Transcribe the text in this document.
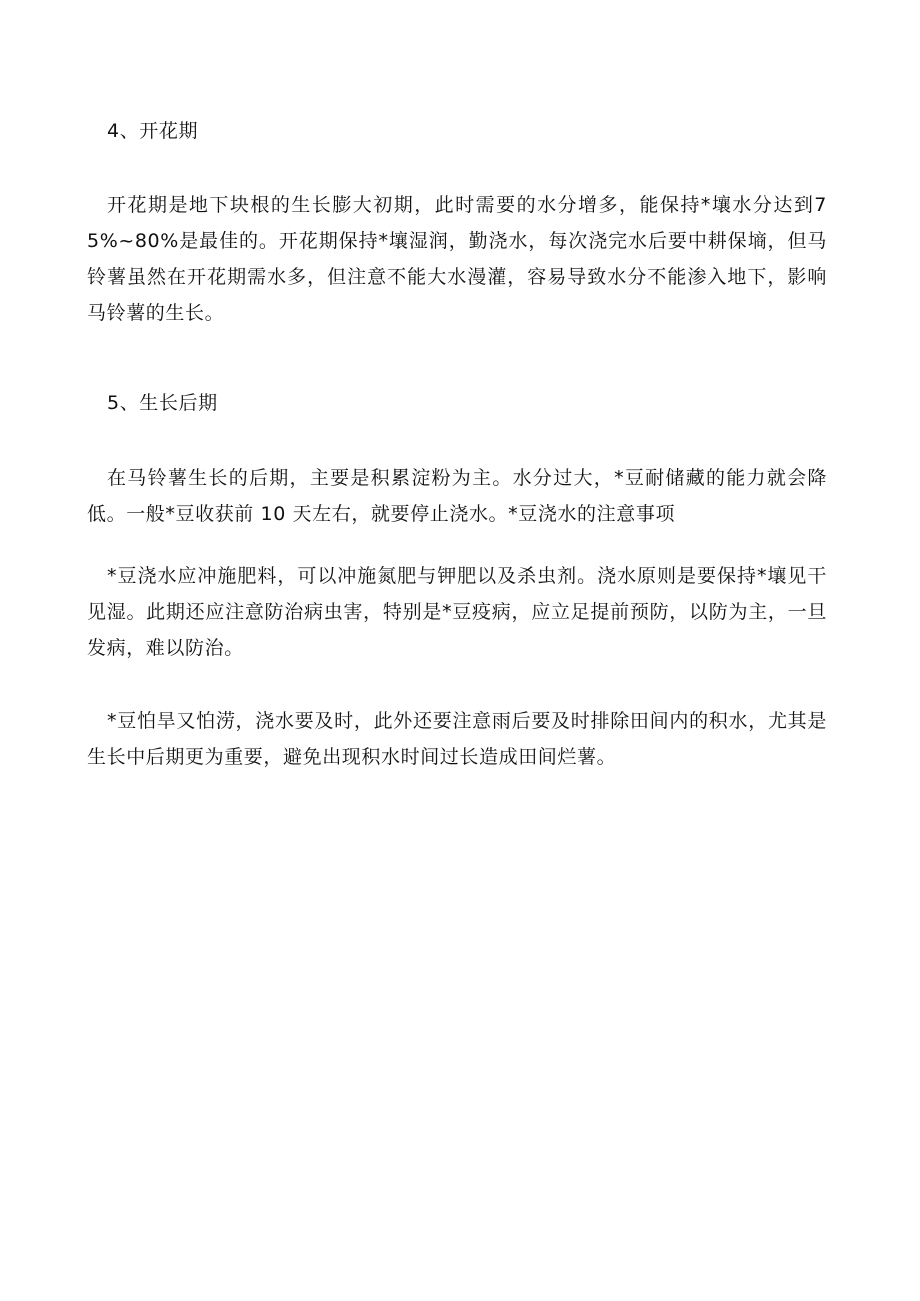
4、开花期

开花期是地下块根的生长膨大初期，此时需要的水分增多，能保持*壤水分达到75%~80%是最佳的。开花期保持*壤湿润，勤浇水，每次浇完水后要中耕保墒，但马铃薯虽然在开花期需水多，但注意不能大水漫灌，容易导致水分不能渗入地下，影响马铃薯的生长。

5、生长后期

在马铃薯生长的后期，主要是积累淀粉为主。水分过大，*豆耐储藏的能力就会降低。一般*豆收获前 10 天左右，就要停止浇水。*豆浇水的注意事项

*豆浇水应冲施肥料，可以冲施氮肥与钾肥以及杀虫剂。浇水原则是要保持*壤见干见湿。此期还应注意防治病虫害，特别是*豆疫病，应立足提前预防，以防为主，一旦发病，难以防治。

*豆怕旱又怕涝，浇水要及时，此外还要注意雨后要及时排除田间内的积水，尤其是生长中后期更为重要，避免出现积水时间过长造成田间烂薯。
